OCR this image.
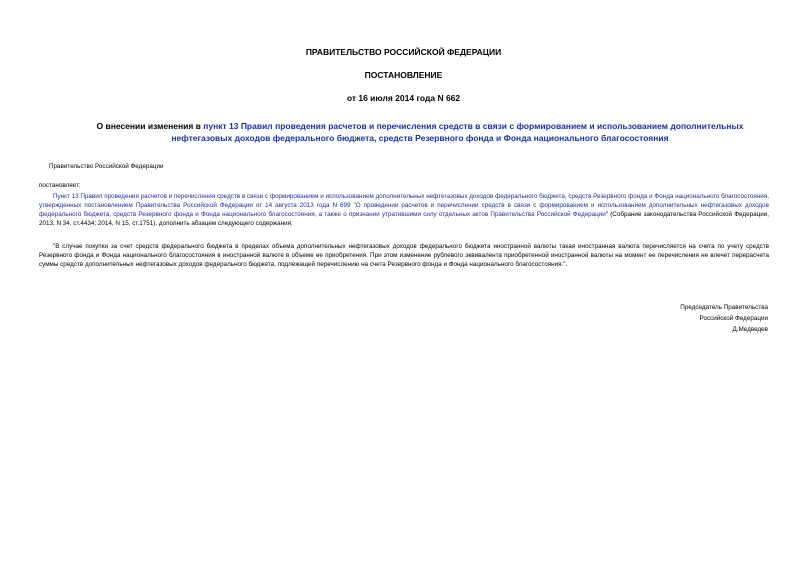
ПРАВИТЕЛЬСТВО РОССИЙСКОЙ ФЕДЕРАЦИИ
ПОСТАНОВЛЕНИЕ
от 16 июля 2014 года N 662
О внесении изменения в пункт 13 Правил проведения расчетов и перечисления средств в связи с формированием и использованием дополнительных нефтегазовых доходов федерального бюджета, средств Резервного фонда и Фонда национального благосостояния
Правительство Российской Федерации
постановляет:
Пункт 13 Правил проведения расчетов и перечисления средств в связи с формированием и использованием дополнительных нефтегазовых доходов федерального бюджета, средств Резервного фонда и Фонда национального благосостояния, утвержденных постановлением Правительства Российской Федерации от 14 августа 2013 года N 699 "О проведении расчетов и перечислении средств в связи с формированием и использованием дополнительных нефтегазовых доходов федерального бюджета, средств Резервного фонда и Фонда национального благосостояния, а также о признании утратившими силу отдельных актов Правительства Российской Федерации" (Собрание законодательства Российской Федерации, 2013, N 34, ст.4434; 2014, N 15, ст.1751), дополнить абзацем следующего содержания:
"В случае покупки за счет средств федерального бюджета в пределах объема дополнительных нефтегазовых доходов федерального бюджета иностранной валюты такая иностранная валюта перечисляется на счета по учету средств Резервного фонда и Фонда национального благосостояния в иностранной валюте в объеме ее приобретения. При этом изменение рублевого эквивалента приобретенной иностранной валюты на момент ее перечисления не влечет перерасчета суммы средств дополнительных нефтегазовых доходов федерального бюджета, подлежащей перечислению на счета Резервного фонда и Фонда национального благосостояния.".
Председатель Правительства
Российской Федерации
Д.Медведев
